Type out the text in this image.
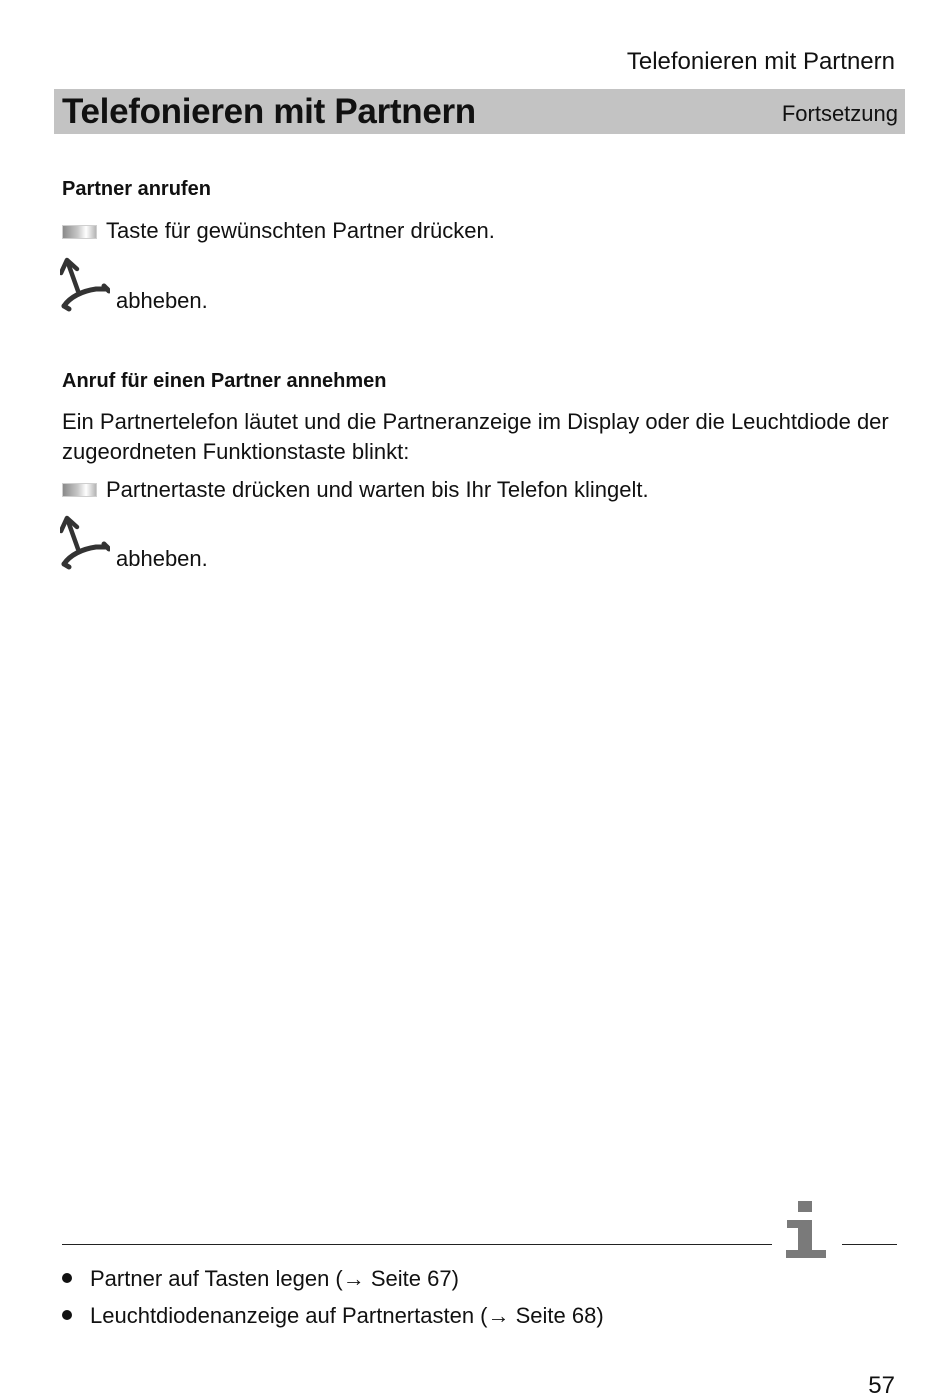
Telefonieren mit Partnern
Telefonieren mit Partnern	Fortsetzung
Partner anrufen
Taste für gewünschten Partner drücken.
abheben.
Anruf für einen Partner annehmen
Ein Partnertelefon läutet und die Partneranzeige im Display oder die Leuchtdiode der
zugeordneten Funktionstaste blinkt:
Partnertaste drücken und warten bis Ihr Telefon klingelt.
abheben.
Partner auf Tasten legen (→ Seite 67)
Leuchtdiodenanzeige auf Partnertasten (→ Seite 68)
57
